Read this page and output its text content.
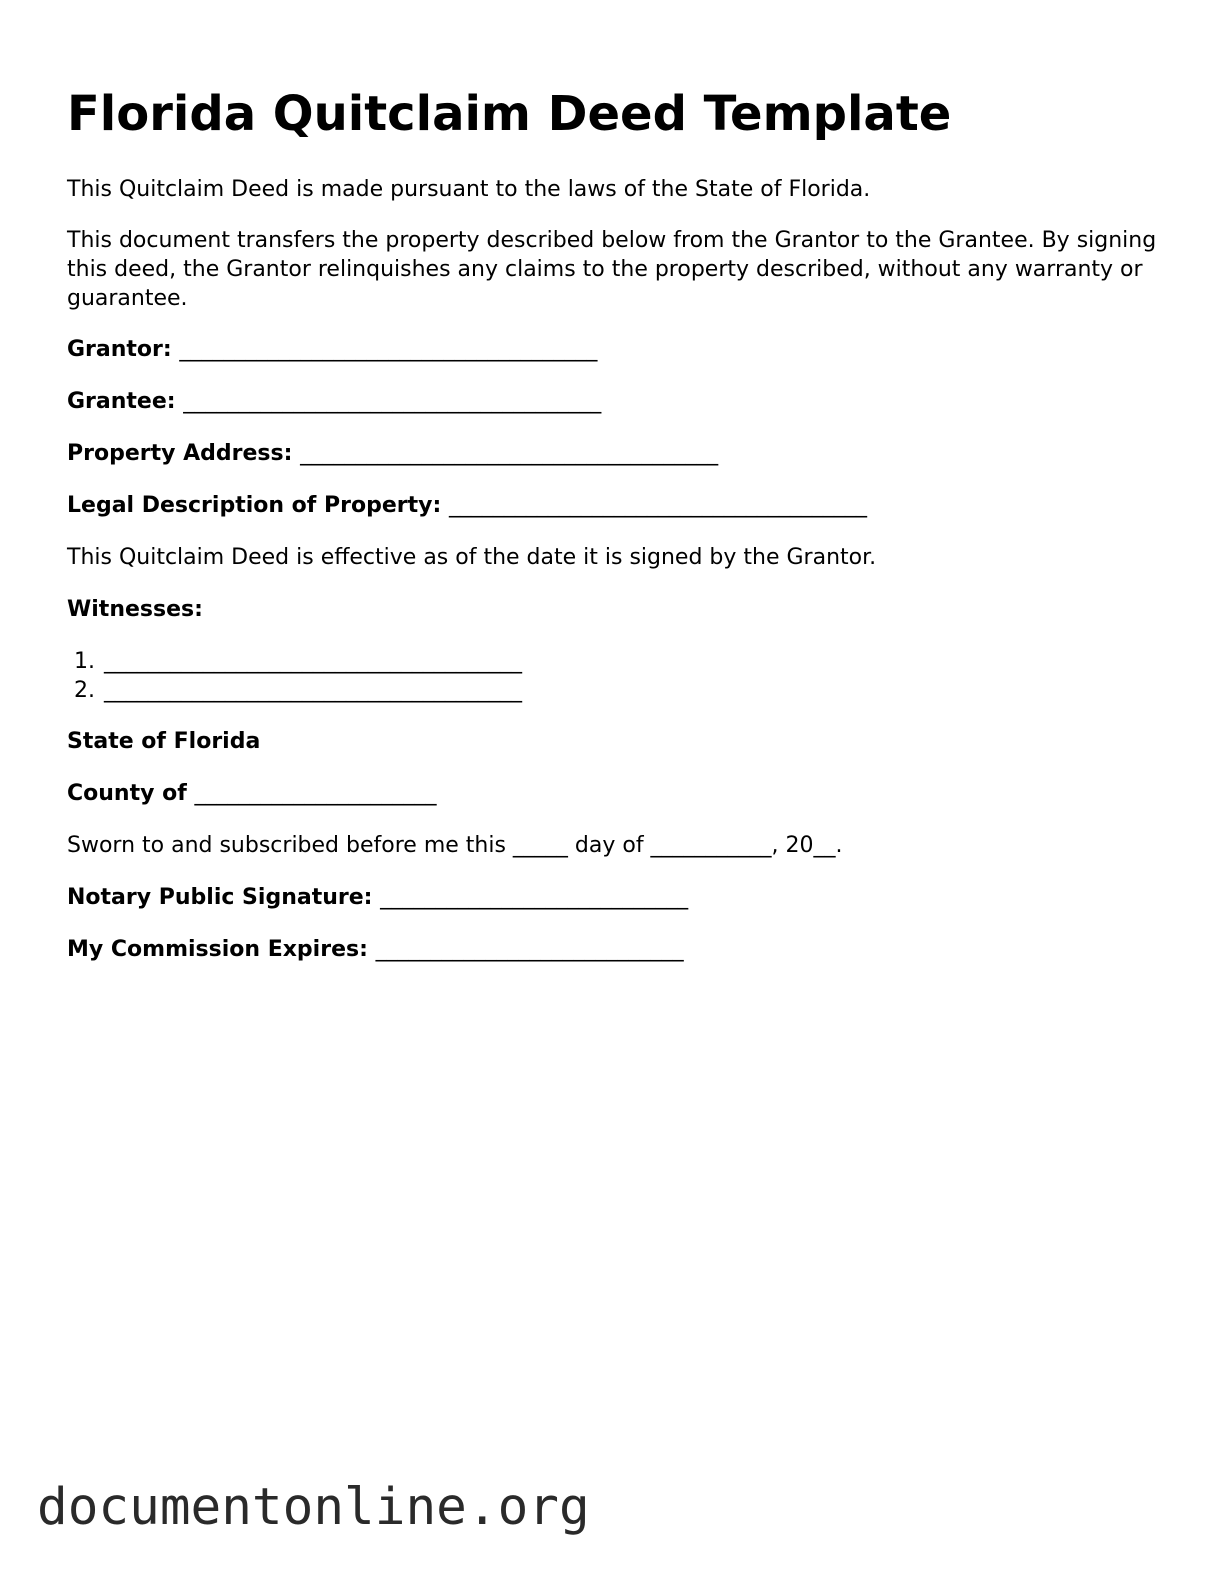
Florida Quitclaim Deed Template
This Quitclaim Deed is made pursuant to the laws of the State of Florida.
This document transfers the property described below from the Grantor to the Grantee. By signing this deed, the Grantor relinquishes any claims to the property described, without any warranty or guarantee.
Grantor: ______________________________________
Grantee: ______________________________________
Property Address: ______________________________________
Legal Description of Property: ______________________________________
This Quitclaim Deed is effective as of the date it is signed by the Grantor.
Witnesses:
1. ______________________________________
2. ______________________________________
State of Florida
County of ______________________
Sworn to and subscribed before me this _____ day of ___________, 20__.
Notary Public Signature: ____________________________
My Commission Expires: ____________________________
documentonline.org
